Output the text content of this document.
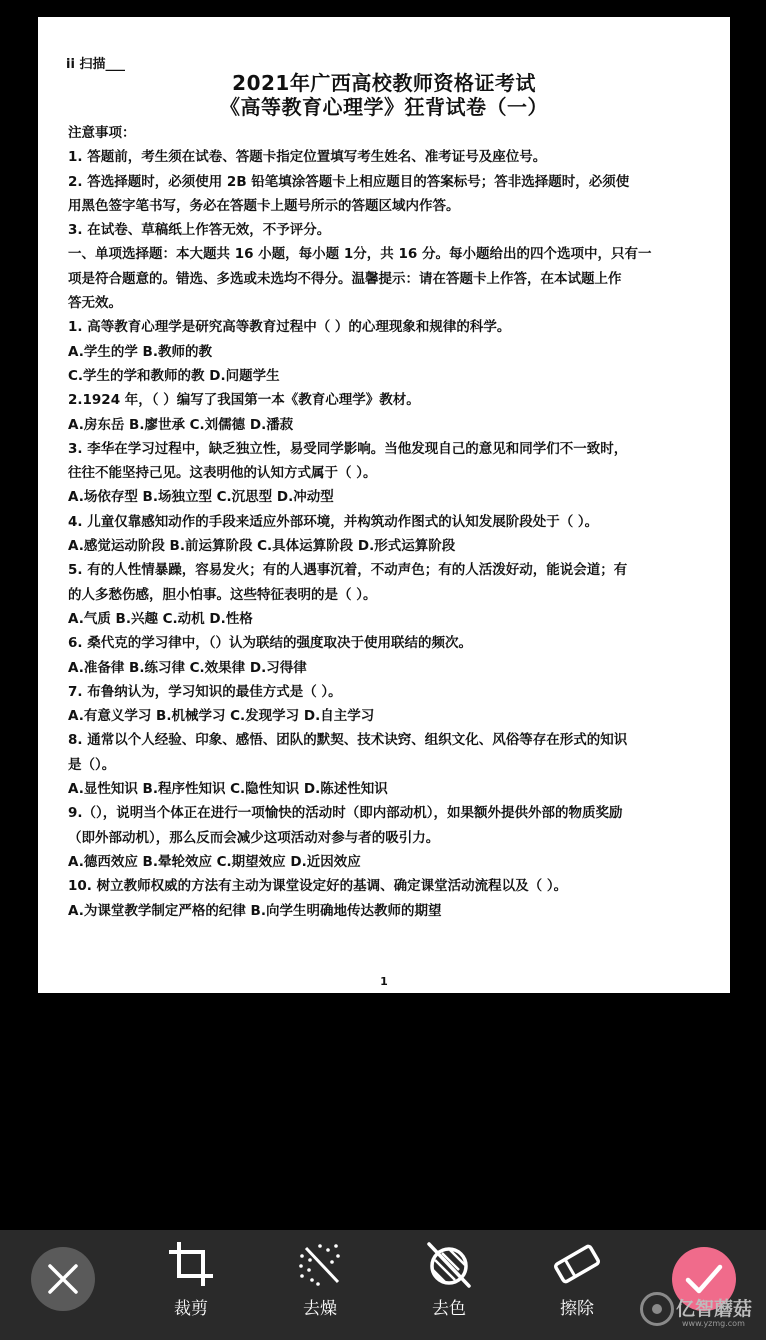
ii 扫描___
2021年广西高校教师资格证考试
《高等教育心理学》狂背试卷（一）
注意事项：
1. 答题前，考生须在试卷、答题卡指定位置填写考生姓名、准考证号及座位号。
2. 答选择题时，必须使用 2B 铅笔填涂答题卡上相应题目的答案标号；答非选择题时，必须使
用黑色签字笔书写，务必在答题卡上题号所示的答题区域内作答。
3. 在试卷、草稿纸上作答无效，不予评分。
一、单项选择题：本大题共 16 小题，每小题 1分，共 16 分。每小题给出的四个选项中，只有一
项是符合题意的。错选、多选或未选均不得分。温馨提示：请在答题卡上作答，在本试题上作
答无效。
1. 高等教育心理学是研究高等教育过程中（ ）的心理现象和规律的科学。
A.学生的学 B.教师的教
C.学生的学和教师的教 D.问题学生
2.1924 年，（ ）编写了我国第一本《教育心理学》教材。
A.房东岳 B.廖世承 C.刘儒德 D.潘菽
3. 李华在学习过程中，缺乏独立性，易受同学影响。当他发现自己的意见和同学们不一致时，
往往不能坚持己见。这表明他的认知方式属于（ ）。
A.场依存型 B.场独立型 C.沉思型 D.冲动型
4. 儿童仅靠感知动作的手段来适应外部环境，并构筑动作图式的认知发展阶段处于（ ）。
A.感觉运动阶段 B.前运算阶段 C.具体运算阶段 D.形式运算阶段
5. 有的人性情暴躁，容易发火；有的人遇事沉着，不动声色；有的人活泼好动，能说会道；有
的人多愁伤感，胆小怕事。这些特征表明的是（ ）。
A.气质 B.兴趣 C.动机 D.性格
6. 桑代克的学习律中，（）认为联结的强度取决于使用联结的频次。
A.准备律 B.练习律 C.效果律 D.习得律
7. 布鲁纳认为，学习知识的最佳方式是（ ）。
A.有意义学习 B.机械学习 C.发现学习 D.自主学习
8. 通常以个人经验、印象、感悟、团队的默契、技术诀窍、组织文化、风俗等存在形式的知识
是（）。
A.显性知识 B.程序性知识 C.隐性知识 D.陈述性知识
9.（），说明当个体正在进行一项愉快的活动时（即内部动机），如果额外提供外部的物质奖励
（即外部动机），那么反而会减少这项活动对参与者的吸引力。
A.德西效应 B.晕轮效应 C.期望效应 D.近因效应
10. 树立教师权威的方法有主动为课堂设定好的基调、确定课堂活动流程以及（ ）。
A.为课堂教学制定严格的纪律 B.向学生明确地传达教师的期望
1
裁剪	去燥	去色	擦除	亿智蘑菇
www.yzmg.com
